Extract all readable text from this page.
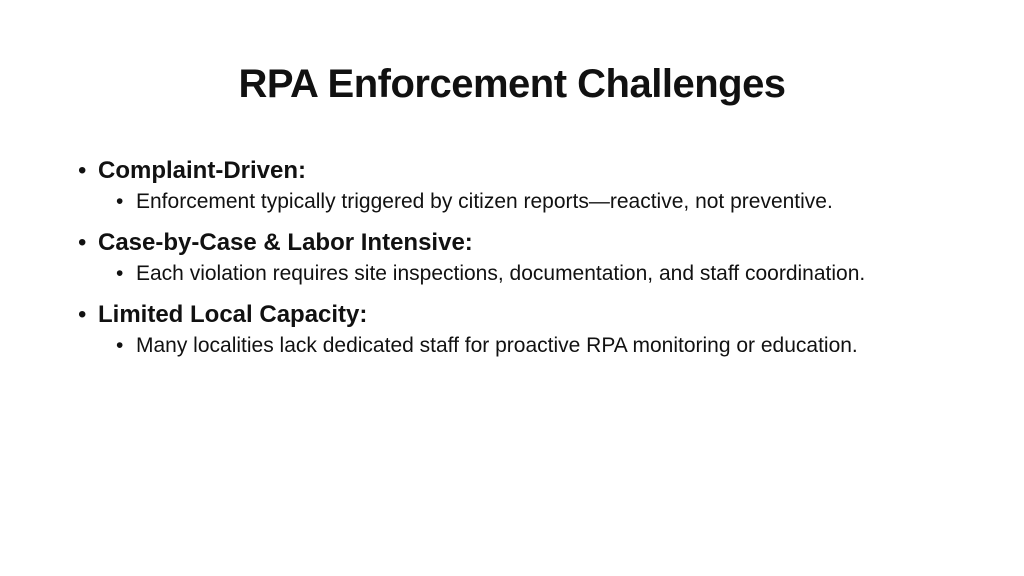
RPA Enforcement Challenges
• Complaint-Driven:
• Enforcement typically triggered by citizen reports—reactive, not preventive.
• Case-by-Case & Labor Intensive:
• Each violation requires site inspections, documentation, and staff coordination.
• Limited Local Capacity:
• Many localities lack dedicated staff for proactive RPA monitoring or education.
